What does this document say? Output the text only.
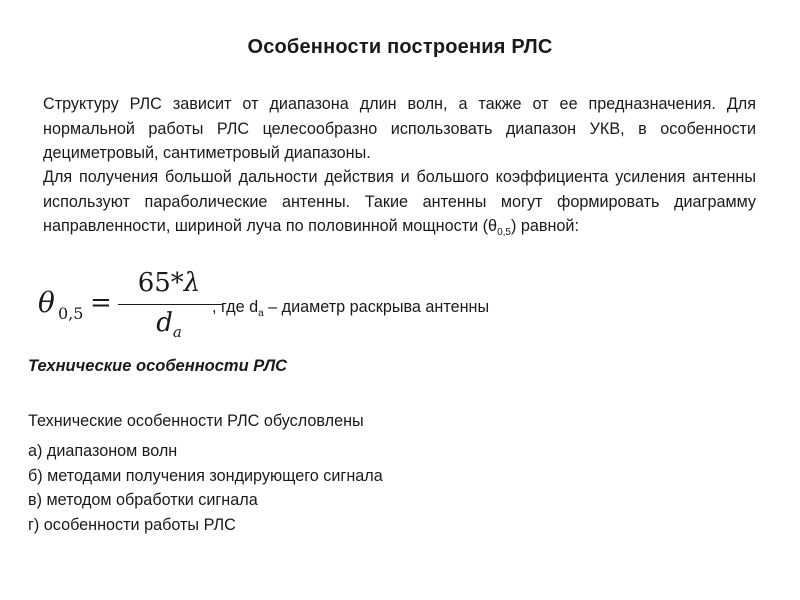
Особенности построения РЛС
Структуру РЛС зависит от диапазона длин волн, а также от ее предназначения. Для нормальной работы РЛС целесообразно использовать диапазон УКВ, в особенности дециметровый, сантиметровый диапазоны.
Для получения большой дальности действия и большого коэффициента усиления антенны используют параболические антенны. Такие антенны могут формировать диаграмму направленности, шириной луча по половинной мощности $(\theta_{0,5})$ равной:
θ 0,5 =
65*λ
$d_a$
, где $d_a$ – диаметр раскрыва антенны
Технические особенности РЛС
Технические особенности РЛС обусловлены
а) диапазоном волн
б) методами получения зондирующего сигнала
в) методом обработки сигнала
г) особенности работы РЛС
